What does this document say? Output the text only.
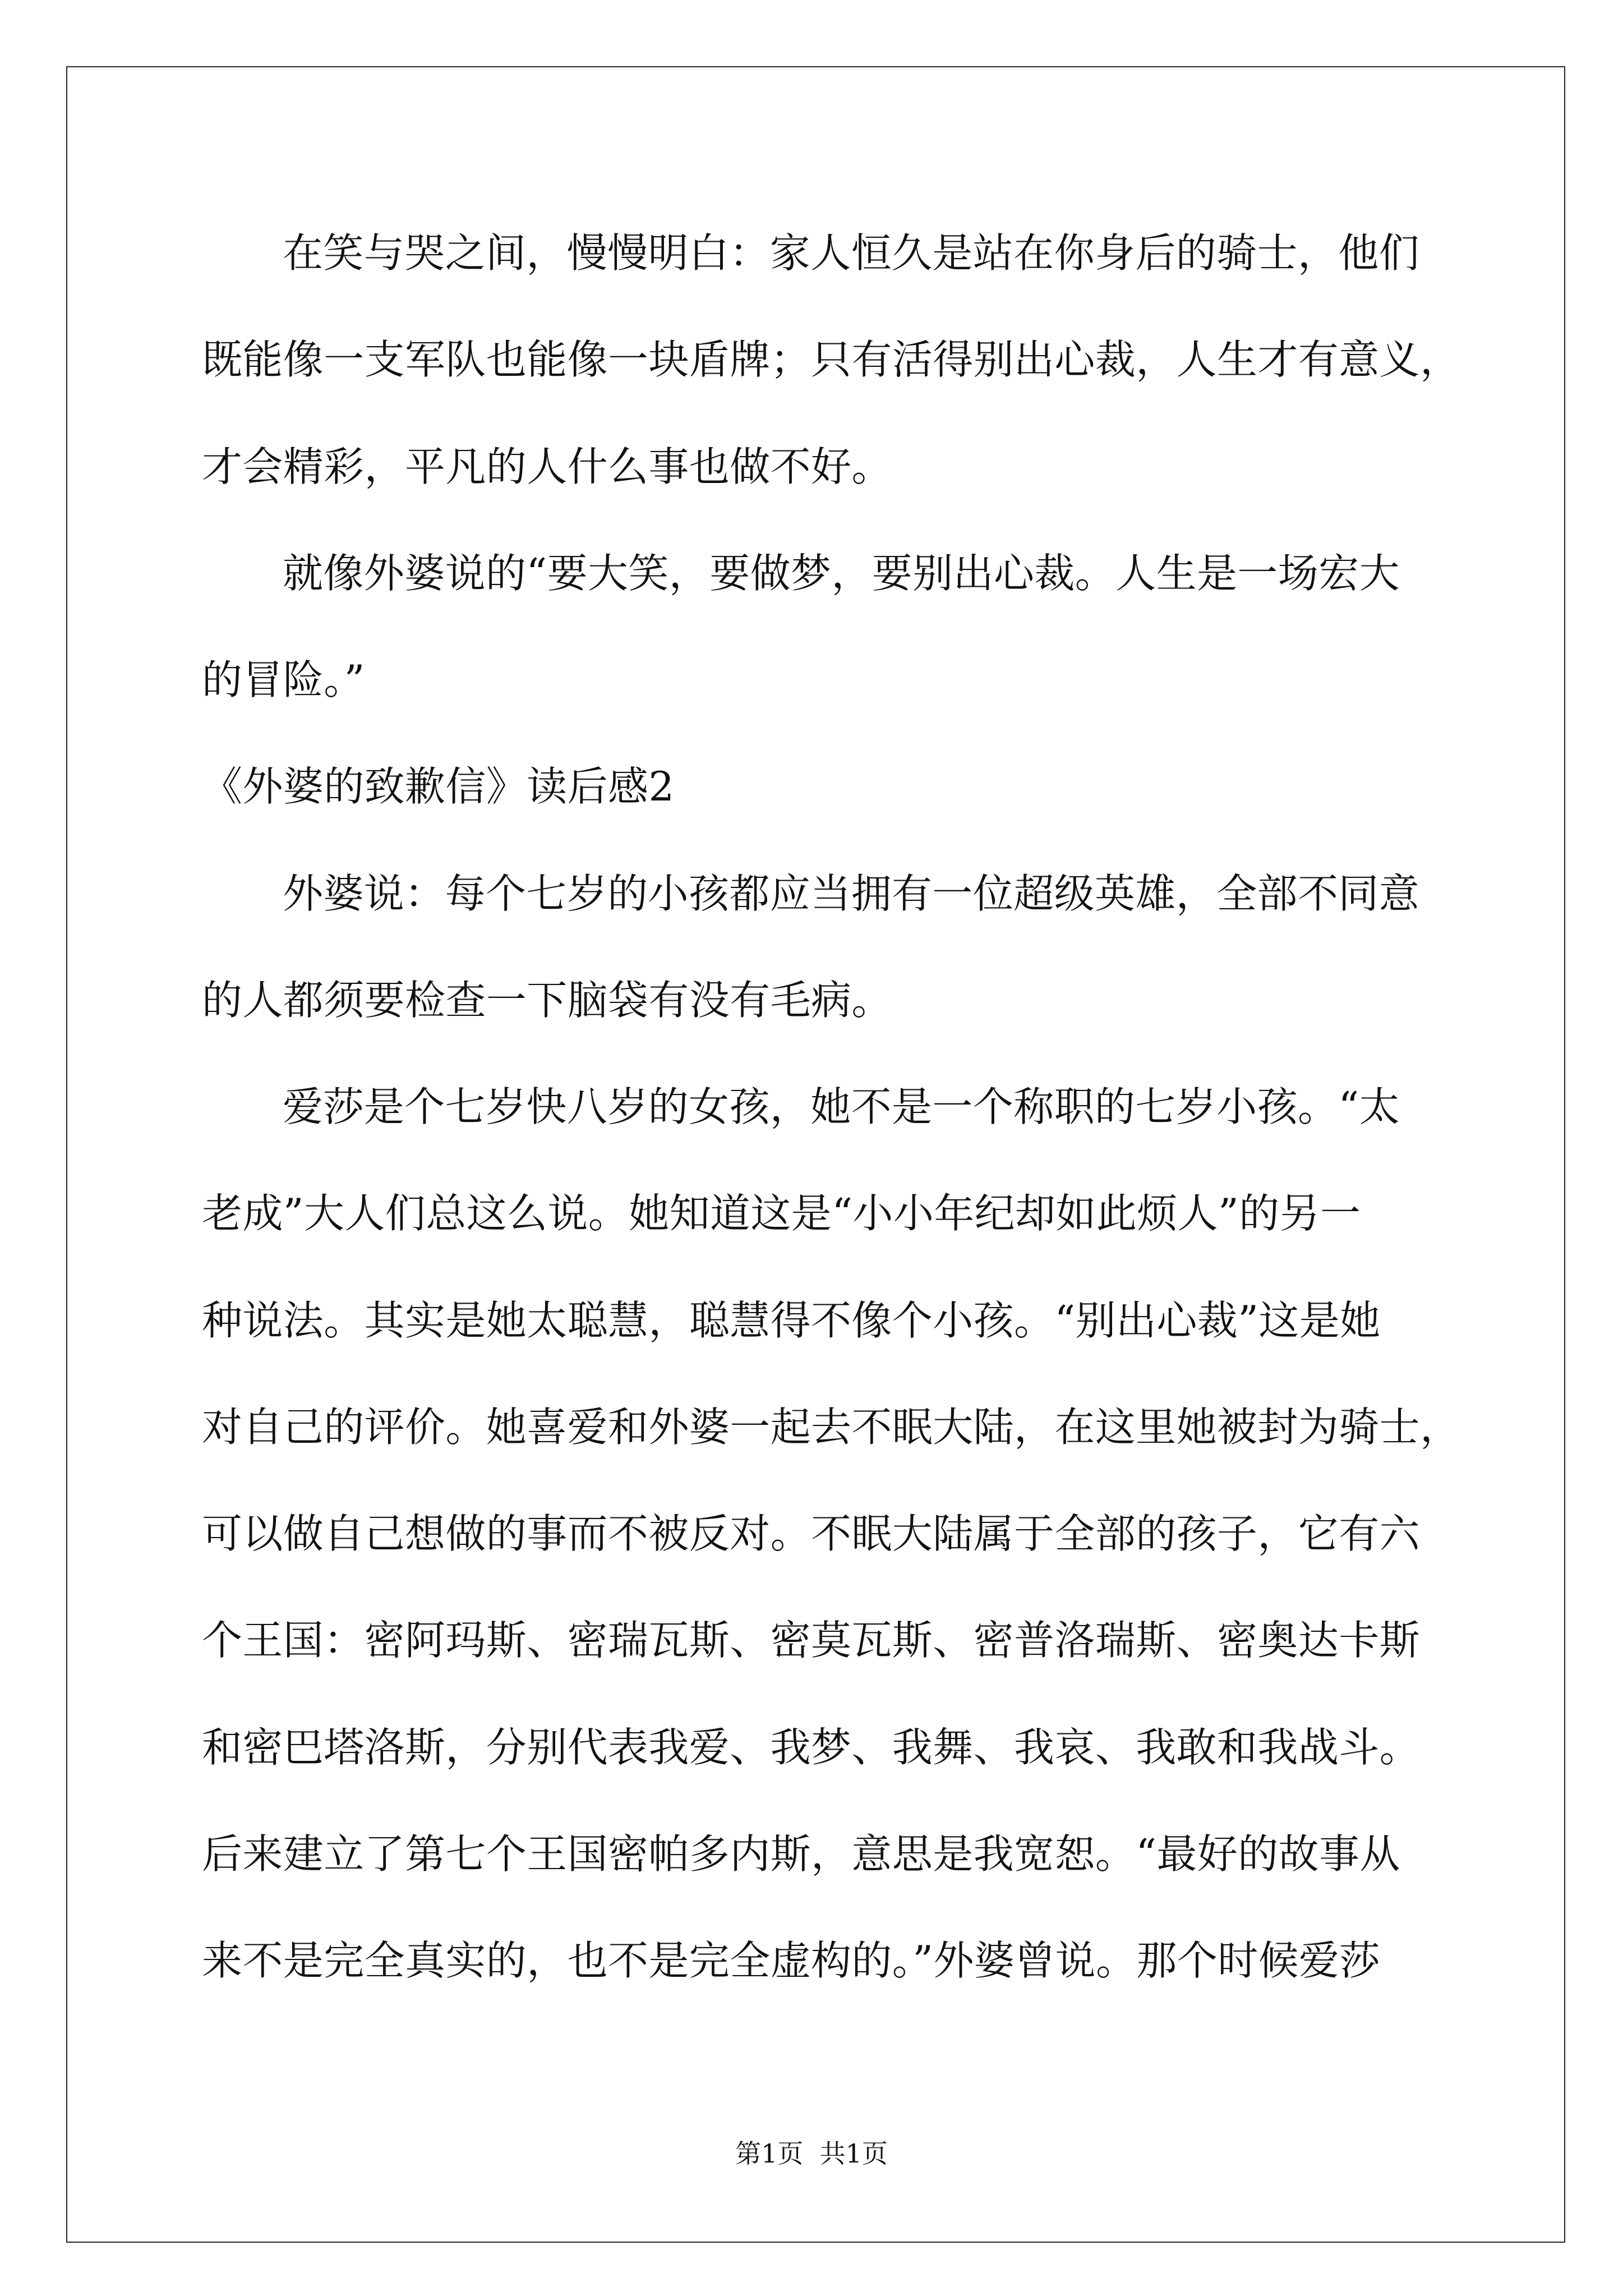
在笑与哭之间，慢慢明白：家人恒久是站在你身后的骑士，他们
既能像一支军队也能像一块盾牌；只有活得别出心裁，人生才有意义，
才会精彩，平凡的人什么事也做不好。
就像外婆说的“要大笑，要做梦，要别出心裁。人生是一场宏大
的冒险。”
《外婆的致歉信》读后感2
外婆说：每个七岁的小孩都应当拥有一位超级英雄，全部不同意
的人都须要检查一下脑袋有没有毛病。
爱莎是个七岁快八岁的女孩，她不是一个称职的七岁小孩。“太
老成”大人们总这么说。她知道这是“小小年纪却如此烦人”的另一
种说法。其实是她太聪慧，聪慧得不像个小孩。“别出心裁”这是她
对自己的评价。她喜爱和外婆一起去不眠大陆，在这里她被封为骑士，
可以做自己想做的事而不被反对。不眠大陆属于全部的孩子，它有六
个王国：密阿玛斯、密瑞瓦斯、密莫瓦斯、密普洛瑞斯、密奥达卡斯
和密巴塔洛斯，分别代表我爱、我梦、我舞、我哀、我敢和我战斗。
后来建立了第七个王国密帕多内斯，意思是我宽恕。“最好的故事从
来不是完全真实的，也不是完全虚构的。”外婆曾说。那个时候爱莎
第1页  共1页
